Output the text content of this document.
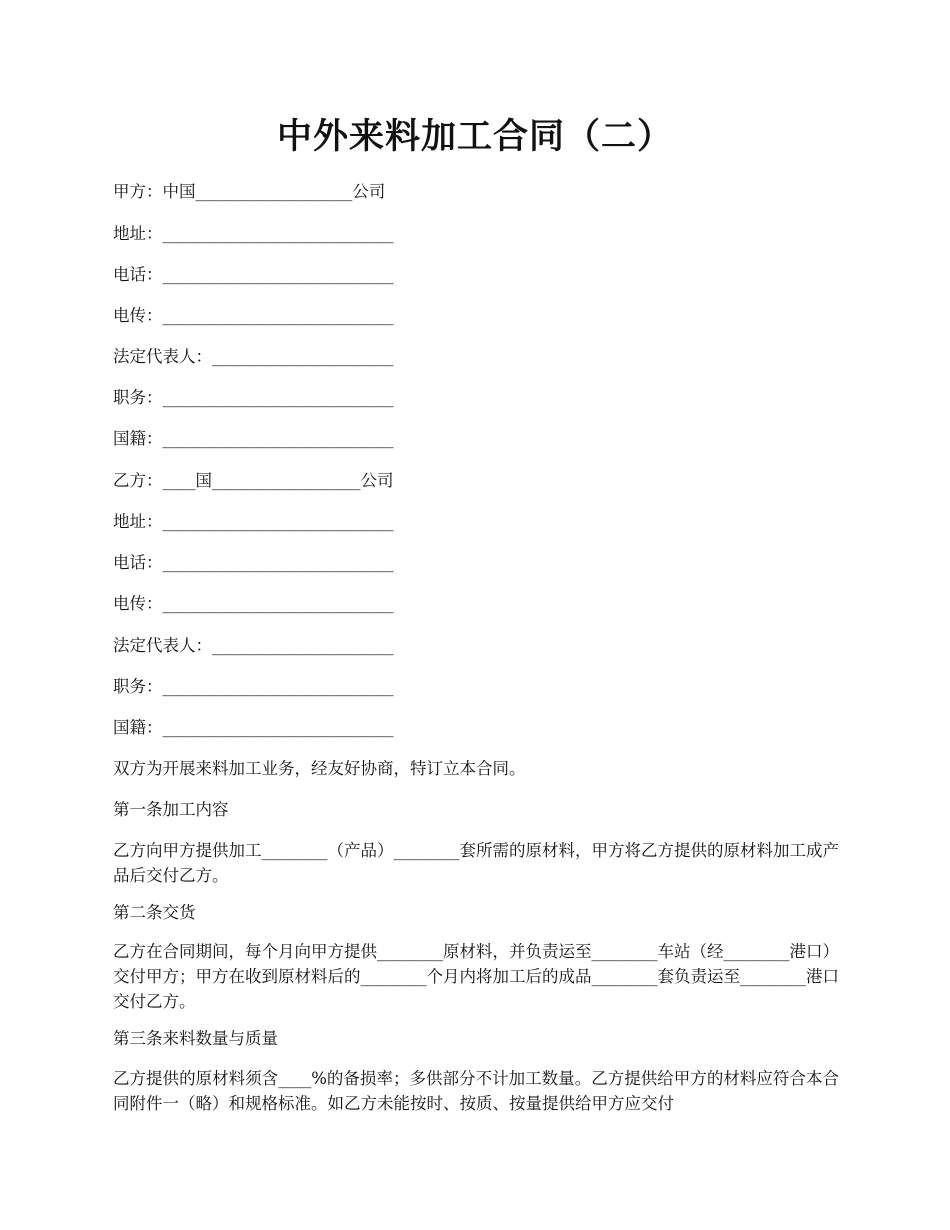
中外来料加工合同（二）
甲方：中国___________________公司
地址：____________________________
电话：____________________________
电传：____________________________
法定代表人：______________________
职务：____________________________
国籍：____________________________
乙方：____国__________________公司
地址：____________________________
电话：____________________________
电传：____________________________
法定代表人：______________________
职务：____________________________
国籍：____________________________
双方为开展来料加工业务，经友好协商，特订立本合同。
第一条加工内容
乙方向甲方提供加工________（产品）________套所需的原材料，甲方将乙方提供的原材料加工成产品后交付乙方。
第二条交货
乙方在合同期间，每个月向甲方提供________原材料，并负责运至________车站（经________港口）交付甲方；甲方在收到原材料后的________个月内将加工后的成品________套负责运至________港口交付乙方。
第三条来料数量与质量
乙方提供的原材料须含____%的备损率；多供部分不计加工数量。乙方提供给甲方的材料应符合本合同附件一（略）和规格标准。如乙方未能按时、按质、按量提供给甲方应交付
